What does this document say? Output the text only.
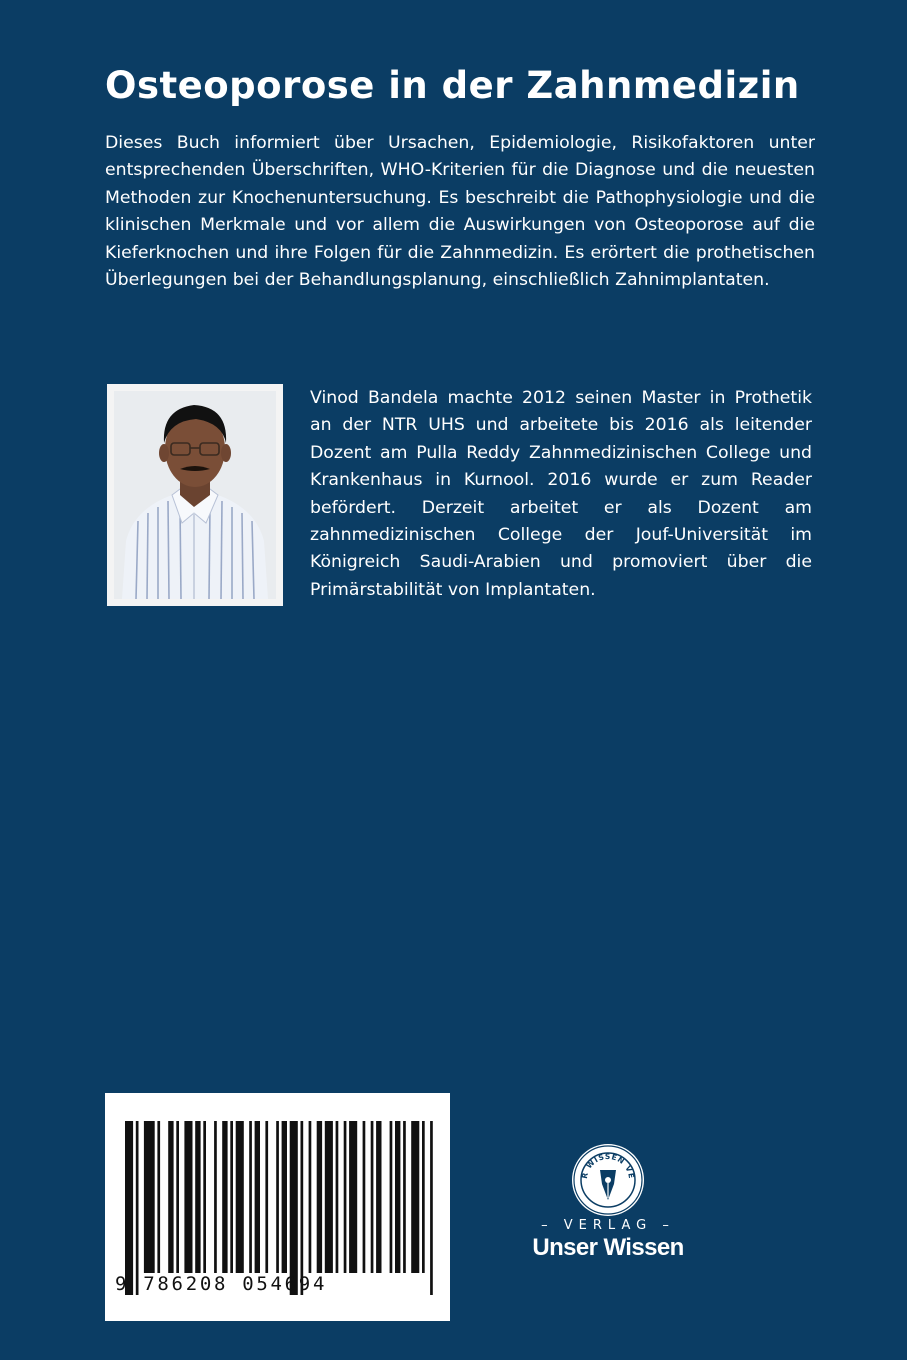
Osteoporose in der Zahnmedizin

Dieses Buch informiert über Ursachen, Epidemiologie, Risikofaktoren unter entsprechenden Überschriften, WHO-Kriterien für die Diagnose und die neuesten Methoden zur Knochenuntersuchung. Es beschreibt die Pathophysiologie und die klinischen Merkmale und vor allem die Auswirkungen von Osteoporose auf die Kieferknochen und ihre Folgen für die Zahnmedizin. Es erörtert die prothetischen Überlegungen bei der Behandlungsplanung, einschließlich Zahnimplantaten.

Vinod Bandela machte 2012 seinen Master in Prothetik an der NTR UHS und arbeitete bis 2016 als leitender Dozent am Pulla Reddy Zahnmedizinischen College und Krankenhaus in Kurnool. 2016 wurde er zum Reader befördert. Derzeit arbeitet er als Dozent am zahnmedizinischen College der Jouf-Universität im Königreich Saudi-Arabien und promoviert über die Primärstabilität von Implantaten.

9 786208 054694
R WISSEN VE
– VERLAG –
Unser Wissen
